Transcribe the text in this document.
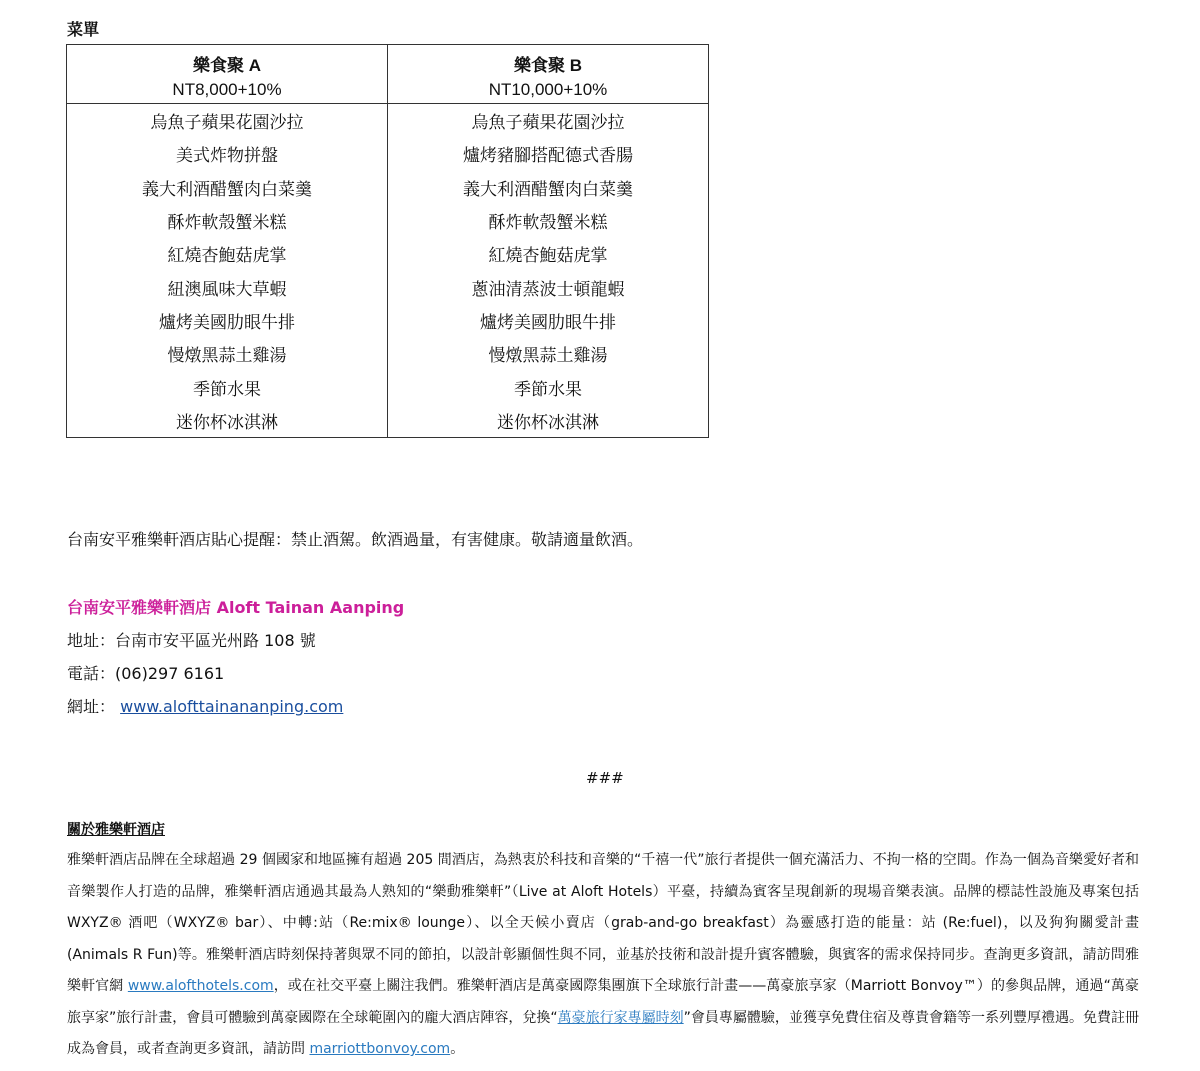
菜單
樂食聚 A	樂食聚 B
NT8,000+10%	NT10,000+10%
烏魚子蘋果花園沙拉	烏魚子蘋果花園沙拉
美式炸物拼盤	爐烤豬腳搭配德式香腸
義大利酒醋蟹肉白菜羹	義大利酒醋蟹肉白菜羹
酥炸軟殼蟹米糕	酥炸軟殼蟹米糕
紅燒杏鮑菇虎掌	紅燒杏鮑菇虎掌
紐澳風味大草蝦	蔥油清蒸波士頓龍蝦
爐烤美國肋眼牛排	爐烤美國肋眼牛排
慢燉黑蒜土雞湯	慢燉黑蒜土雞湯
季節水果	季節水果
迷你杯冰淇淋	迷你杯冰淇淋
台南安平雅樂軒酒店貼心提醒：禁止酒駕。飲酒過量，有害健康。敬請適量飲酒。
台南安平雅樂軒酒店 Aloft Tainan Aanping
地址：台南市安平區光州路 108 號
電話：(06)297 6161
網址： www.alofttainananping.com
###
關於雅樂軒酒店
雅樂軒酒店品牌在全球超過 29 個國家和地區擁有超過 205 間酒店，為熱衷於科技和音樂的“千禧一代”旅行者提供一個充滿活力、不拘一格的空間。作為一個為音樂愛好者和音樂製作人打造的品牌，雅樂軒酒店通過其最為人熟知的“樂動雅樂軒”（Live at Aloft Hotels）平臺，持續為賓客呈現創新的現場音樂表演。品牌的標誌性設施及專案包括 WXYZ® 酒吧（WXYZ® bar）、中轉:站（Re:mix® lounge）、以全天候小賣店（grab-and-go breakfast）為靈感打造的能量：站 (Re:fuel)，以及狗狗關愛計畫 (Animals R Fun)等。雅樂軒酒店時刻保持著與眾不同的節拍，以設計彰顯個性與不同，並基於技術和設計提升賓客體驗，與賓客的需求保持同步。查詢更多資訊，請訪問雅樂軒官網 www.alofthotels.com，或在社交平臺上關注我們。雅樂軒酒店是萬豪國際集團旗下全球旅行計畫——萬豪旅享家（Marriott Bonvoy™）的參與品牌，通過“萬豪旅享家”旅行計畫，會員可體驗到萬豪國際在全球範圍內的龐大酒店陣容，兌換“萬豪旅行家專屬時刻”會員專屬體驗，並獲享免費住宿及尊貴會籍等一系列豐厚禮遇。免費註冊成為會員，或者查詢更多資訊，請訪問 marriottbonvoy.com。
